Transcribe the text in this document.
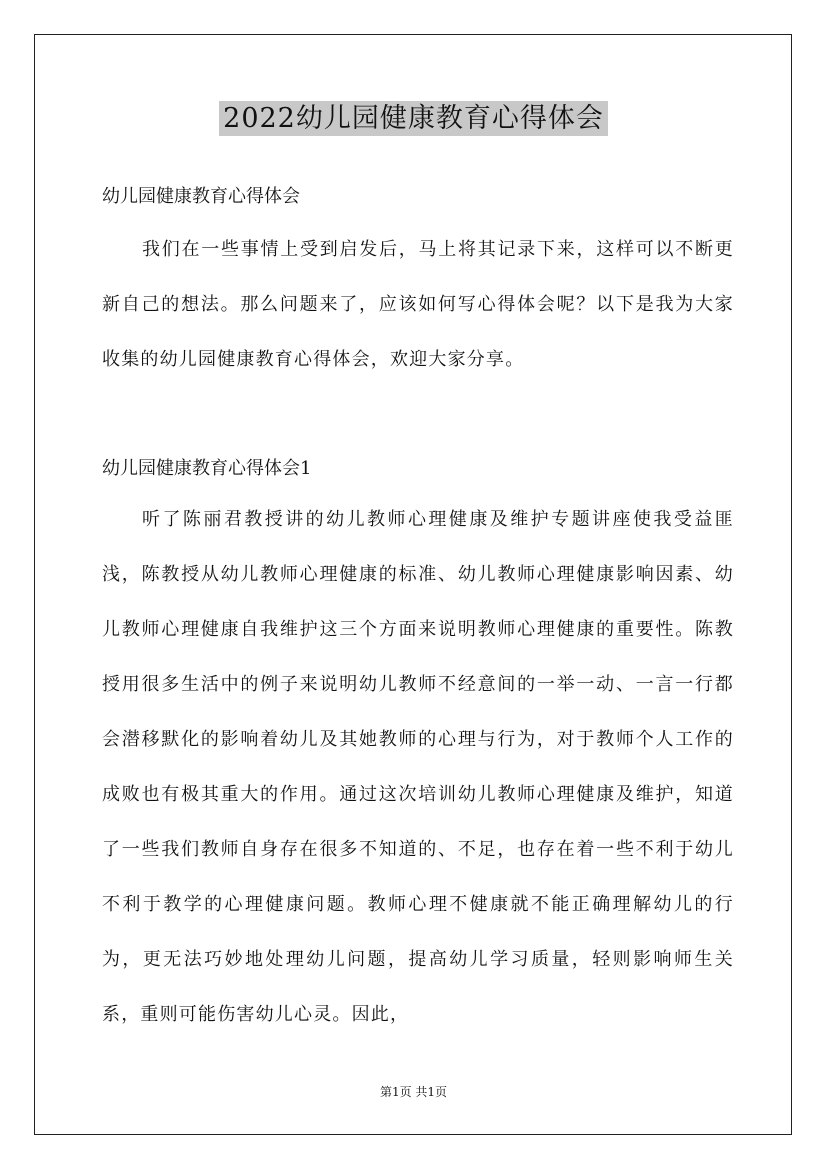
2022幼儿园健康教育心得体会
幼儿园健康教育心得体会

我们在一些事情上受到启发后，马上将其记录下来，这样可以不断更新自己的想法。那么问题来了，应该如何写心得体会呢？以下是我为大家收集的幼儿园健康教育心得体会，欢迎大家分享。

幼儿园健康教育心得体会1

听了陈丽君教授讲的幼儿教师心理健康及维护专题讲座使我受益匪浅，陈教授从幼儿教师心理健康的标准、幼儿教师心理健康影响因素、幼儿教师心理健康自我维护这三个方面来说明教师心理健康的重要性。陈教授用很多生活中的例子来说明幼儿教师不经意间的一举一动、一言一行都会潜移默化的影响着幼儿及其她教师的心理与行为，对于教师个人工作的成败也有极其重大的作用。通过这次培训幼儿教师心理健康及维护，知道了一些我们教师自身存在很多不知道的、不足，也存在着一些不利于幼儿不利于教学的心理健康问题。教师心理不健康就不能正确理解幼儿的行为，更无法巧妙地处理幼儿问题，提高幼儿学习质量，轻则影响师生关系，重则可能伤害幼儿心灵。因此，

第1页 共1页
